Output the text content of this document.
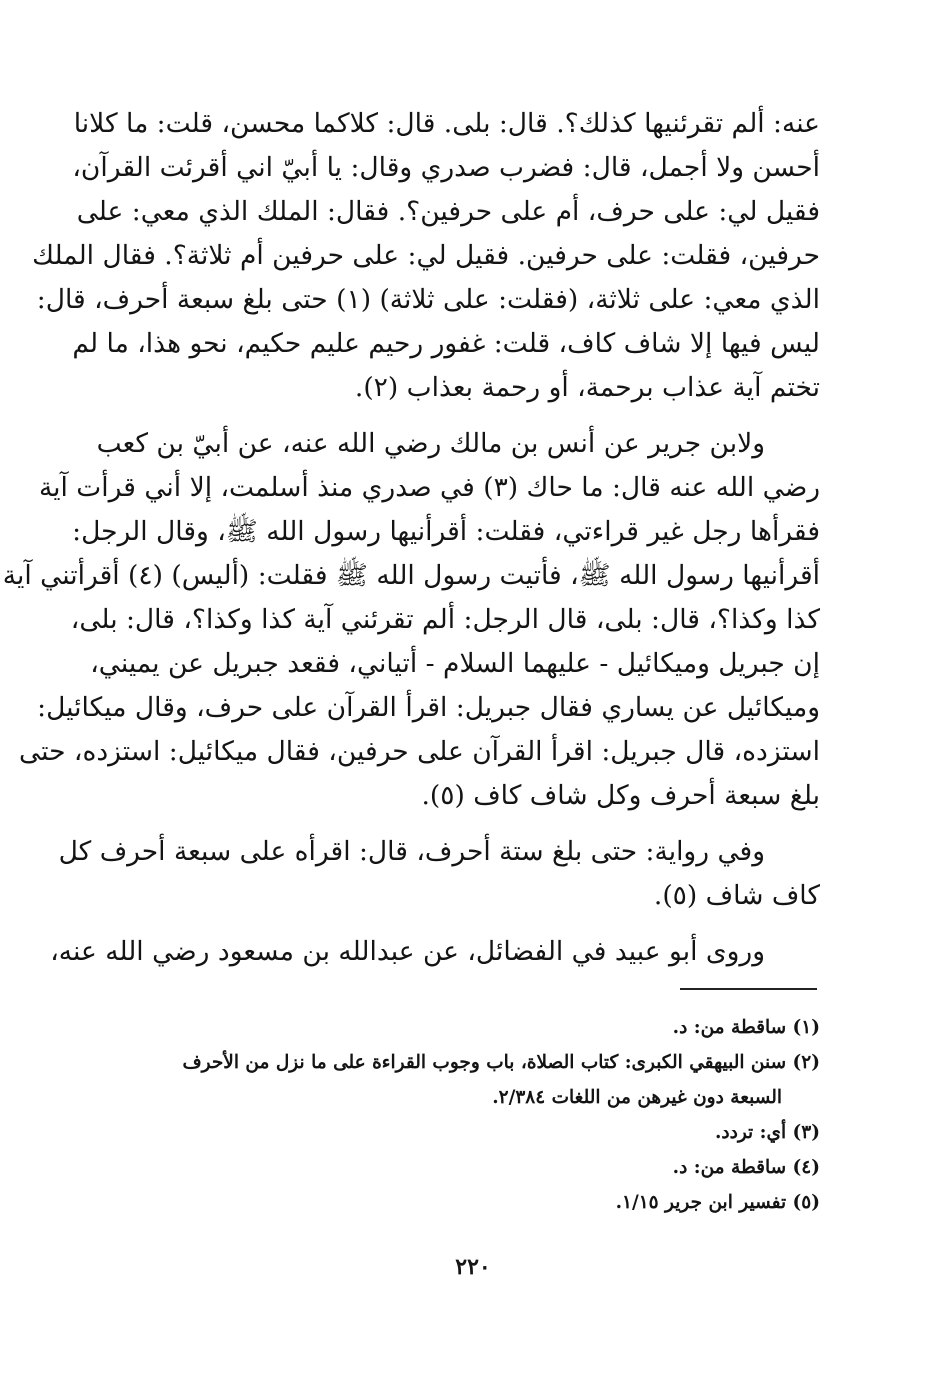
عنه: ألم تقرئنيها كذلك؟. قال: بلى. قال: كلاكما محسن، قلت: ما كلانا
أحسن ولا أجمل، قال: فضرب صدري وقال: يا أبيّ اني أقرئت القرآن،
فقيل لي: على حرف، أم على حرفين؟. فقال: الملك الذي معي: على
حرفين، فقلت: على حرفين. فقيل لي: على حرفين أم ثلاثة؟. فقال الملك
الذي معي: على ثلاثة، (فقلت: على ثلاثة) (١) حتى بلغ سبعة أحرف، قال:
ليس فيها إلا شاف كاف، قلت: غفور رحيم عليم حكيم، نحو هذا، ما لم
تختم آية عذاب برحمة، أو رحمة بعذاب (٢).
ولابن جرير عن أنس بن مالك رضي الله عنه، عن أبيّ بن كعب
رضي الله عنه قال: ما حاك (٣) في صدري منذ أسلمت، إلا أني قرأت آية
فقرأها رجل غير قراءتي، فقلت: أقرأنيها رسول الله ﷺ، وقال الرجل:
أقرأنيها رسول الله ﷺ، فأتيت رسول الله ﷺ فقلت: (أليس) (٤) أقرأتني آية
كذا وكذا؟، قال: بلى، قال الرجل: ألم تقرئني آية كذا وكذا؟، قال: بلى،
إن جبريل وميكائيل - عليهما السلام - أتياني، فقعد جبريل عن يميني،
وميكائيل عن يساري فقال جبريل: اقرأ القرآن على حرف، وقال ميكائيل:
استزده، قال جبريل: اقرأ القرآن على حرفين، فقال ميكائيل: استزده، حتى
بلغ سبعة أحرف وكل شاف كاف (٥).
وفي رواية: حتى بلغ ستة أحرف، قال: اقرأه على سبعة أحرف كل
كاف شاف (٥).
وروى أبو عبيد في الفضائل، عن عبدالله بن مسعود رضي الله عنه،
(١) ساقطة من: د.
(٢) سنن البيهقي الكبرى: كتاب الصلاة، باب وجوب القراءة على ما نزل من الأحرف
السبعة دون غيرهن من اللغات ٢/٣٨٤.
(٣) أي: تردد.
(٤) ساقطة من: د.
(٥) تفسير ابن جرير ١/١٥.
٢٢٠
